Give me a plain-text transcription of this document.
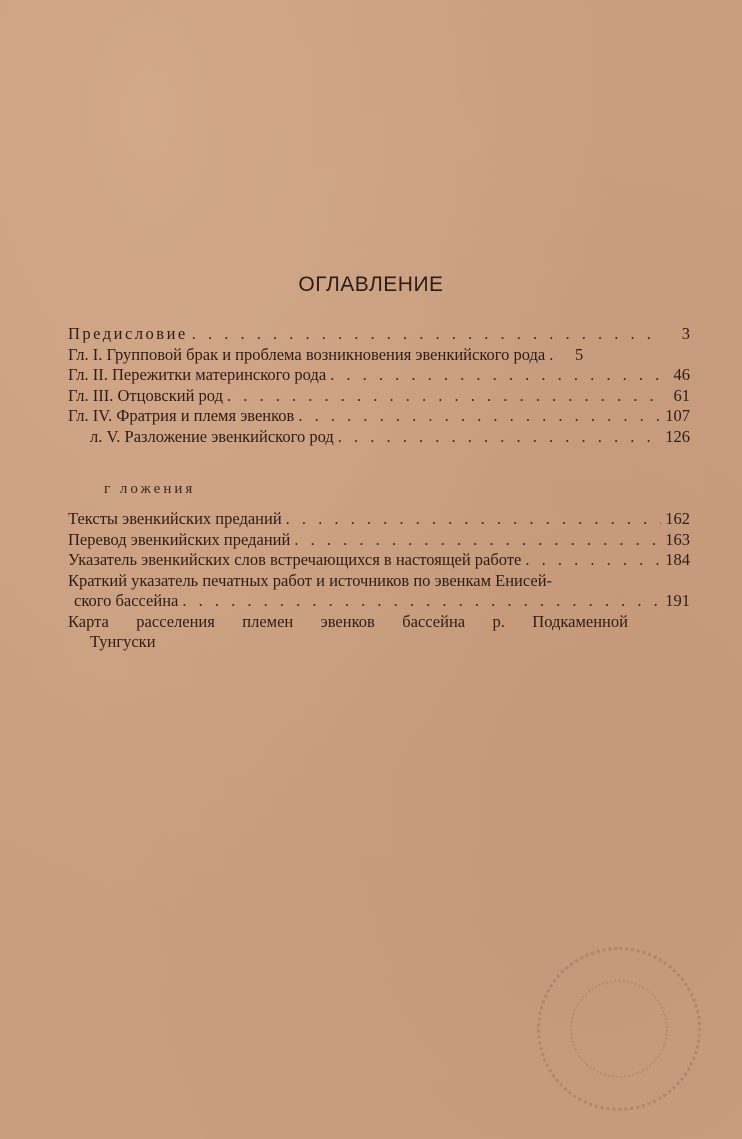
ОГЛАВЛЕНИЕ
Предисловие . . .	3
Гл. I. Групповой брак и проблема возникновения эвенкийского рода . . .	5
Гл. II. Пережитки материнского рода . . .	46
Гл. III. Отцовский род . . .	61
Гл. IV. Фратрия и племя эвенков . . .	107
л. V. Разложение эвенкийского род . . .	126
г ложения
Тексты эвенкийских преданий . . .	162
Перевод эвенкийских преданий . . .	163
Указатель эвенкийских слов встречающихся в настоящей работе . . .	184
Краткий указатель печатных работ и источников по эвенкам Енисей-
ского бассейна . . .	191
Карта расселения племен эвенков бассейна р. Подкаменной
Тунгуски
